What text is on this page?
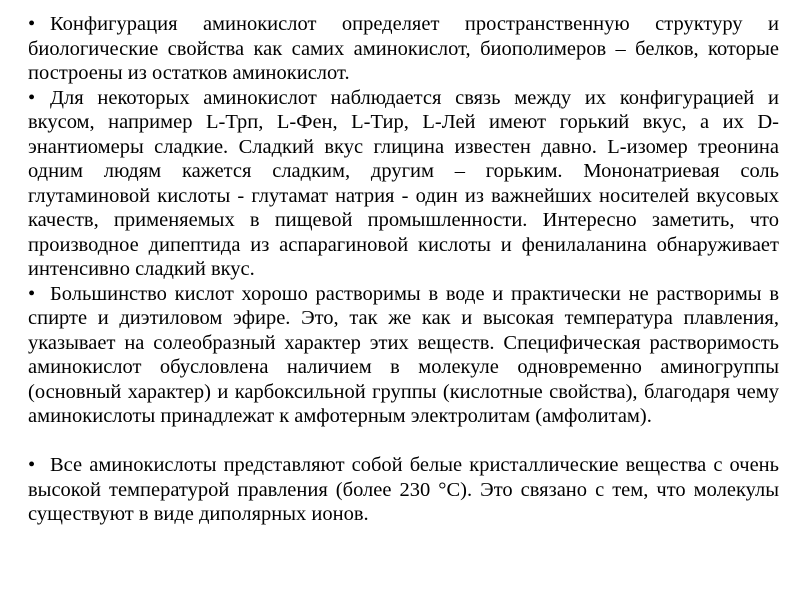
• Конфигурация аминокислот определяет пространственную структуру и биологические свойства как самих аминокислот, биополимеров – белков, которые построены из остатков аминокислот.

• Для некоторых аминокислот наблюдается связь между их конфигурацией и вкусом, например L-Трп, L-Фен, L-Тир, L-Лей имеют горький вкус, а их D-энантиомеры сладкие. Сладкий вкус глицина известен давно. L-изомер треонина одним людям кажется сладким, другим – горьким. Мононатриевая соль глутаминовой кислоты - глутамат натрия - один из важнейших носителей вкусовых качеств, применяемых в пищевой промышленности. Интересно заметить, что производное дипептида из аспарагиновой кислоты и фенилаланина обнаруживает интенсивно сладкий вкус.

• Большинство кислот хорошо растворимы в воде и практически не растворимы в спирте и диэтиловом эфире. Это, так же как и высокая температура плавления, указывает на солеобразный характер этих веществ. Специфическая растворимость аминокислот обусловлена наличием в молекуле одновременно аминогруппы (основный характер) и карбоксильной группы (кислотные свойства), благодаря чему аминокислоты принадлежат к амфотерным электролитам (амфолитам).

• Все аминокислоты представляют собой белые кристаллические вещества с очень высокой температурой правления (более 230 °С). Это связано с тем, что молекулы существуют в виде диполярных ионов.
